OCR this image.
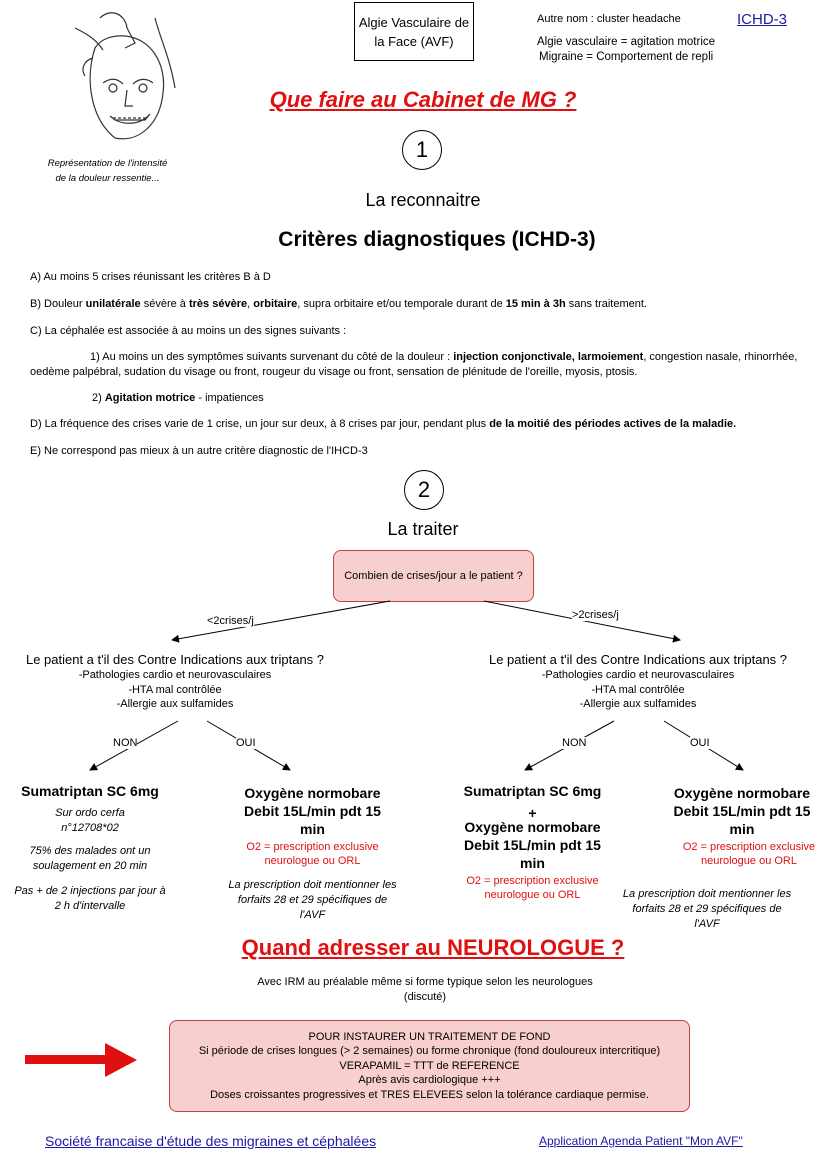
Représentation de l'intensité de la douleur ressentie...
Algie Vasculaire de la Face (AVF)
Autre nom : cluster headache	ICHD-3
Algie vasculaire = agitation motrice
Migraine = Comportement de repli
Que faire au Cabinet de MG ?
1
La reconnaitre
Critères diagnostiques (ICHD-3)
A) Au moins 5 crises réunissant les critères B à D
B) Douleur unilatérale sévère à très sévère, orbitaire, supra orbitaire et/ou temporale durant de 15 min à 3h sans traitement.
C) La céphalée est associée à au moins un des signes suivants :
1) Au moins un des symptômes suivants survenant du côté de la douleur : injection conjonctivale, larmoiement, congestion nasale, rhinorrhée, oedème palpébral, sudation du visage ou front, rougeur du visage ou front, sensation de plénitude de l'oreille, myosis, ptosis.
2) Agitation motrice - impatiences
D) La fréquence des crises varie de 1 crise, un jour sur deux, à 8 crises par jour, pendant plus de la moitié des périodes actives de la maladie.
E) Ne correspond pas mieux à un autre critère diagnostic de l'IHCD-3
2
La traiter
Combien de crises/jour a le patient ?
<2crises/j	>2crises/j
Le patient a t'il des Contre Indications aux triptans ?
-Pathologies cardio et neurovasculaires
-HTA mal contrôlée
-Allergie aux sulfamides
Le patient a t'il des Contre Indications aux triptans ?
-Pathologies cardio et neurovasculaires
-HTA mal contrôlée
-Allergie aux sulfamides
NON	OUI	NON	OUI
Sumatriptan SC 6mg
Sur ordo cerfa n°12708*02
75% des malades ont un soulagement en 20 min
Pas + de 2 injections par jour à 2 h d'intervalle
Oxygène normobare Debit 15L/min pdt 15 min
O2 = prescription exclusive neurologue ou ORL
La prescription doit mentionner les forfaits 28 et 29 spécifiques de l'AVF
Sumatriptan SC 6mg
+
Oxygène normobare Debit 15L/min pdt 15 min
O2 = prescription exclusive neurologue ou ORL
Oxygène normobare Debit 15L/min pdt 15 min
O2 = prescription exclusive neurologue ou ORL
La prescription doit mentionner les forfaits 28 et 29 spécifiques de l'AVF
Quand adresser au NEUROLOGUE ?
Avec IRM au préalable même si forme typique selon les neurologues (discuté)
POUR INSTAURER UN TRAITEMENT DE FOND
Si période de crises longues (> 2 semaines) ou forme chronique (fond douloureux intercritique)
VERAPAMIL = TTT de REFERENCE
Après avis cardiologique +++
Doses croissantes progressives et TRES ELEVEES selon la tolérance cardiaque permise.
Société francaise d'étude des migraines et céphalées	Application Agenda Patient "Mon AVF"
